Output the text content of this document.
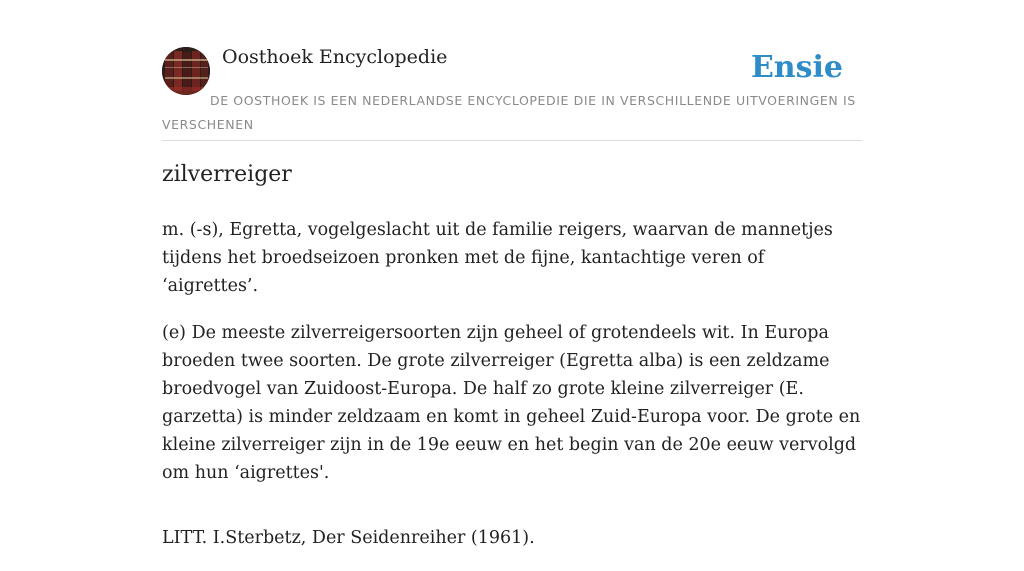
Oosthoek Encyclopedie	Ensie
DE OOSTHOEK IS EEN NEDERLANDSE ENCYCLOPEDIE DIE IN VERSCHILLENDE UITVOERINGEN IS VERSCHENEN
zilverreiger

m. (-s), Egretta, vogelgeslacht uit de familie reigers, waarvan de mannetjes tijdens het broedseizoen pronken met de fijne, kantachtige veren of ‘aigrettes’.

(e) De meeste zilverreigersoorten zijn geheel of grotendeels wit. In Europa broeden twee soorten. De grote zilverreiger (Egretta alba) is een zeldzame broedvogel van Zuidoost-Europa. De half zo grote kleine zilverreiger (E. garzetta) is minder zeldzaam en komt in geheel Zuid-Europa voor. De grote en kleine zilverreiger zijn in de 19e eeuw en het begin van de 20e eeuw vervolgd om hun ‘aigrettes'.

LITT. I.Sterbetz, Der Seidenreiher (1961).
